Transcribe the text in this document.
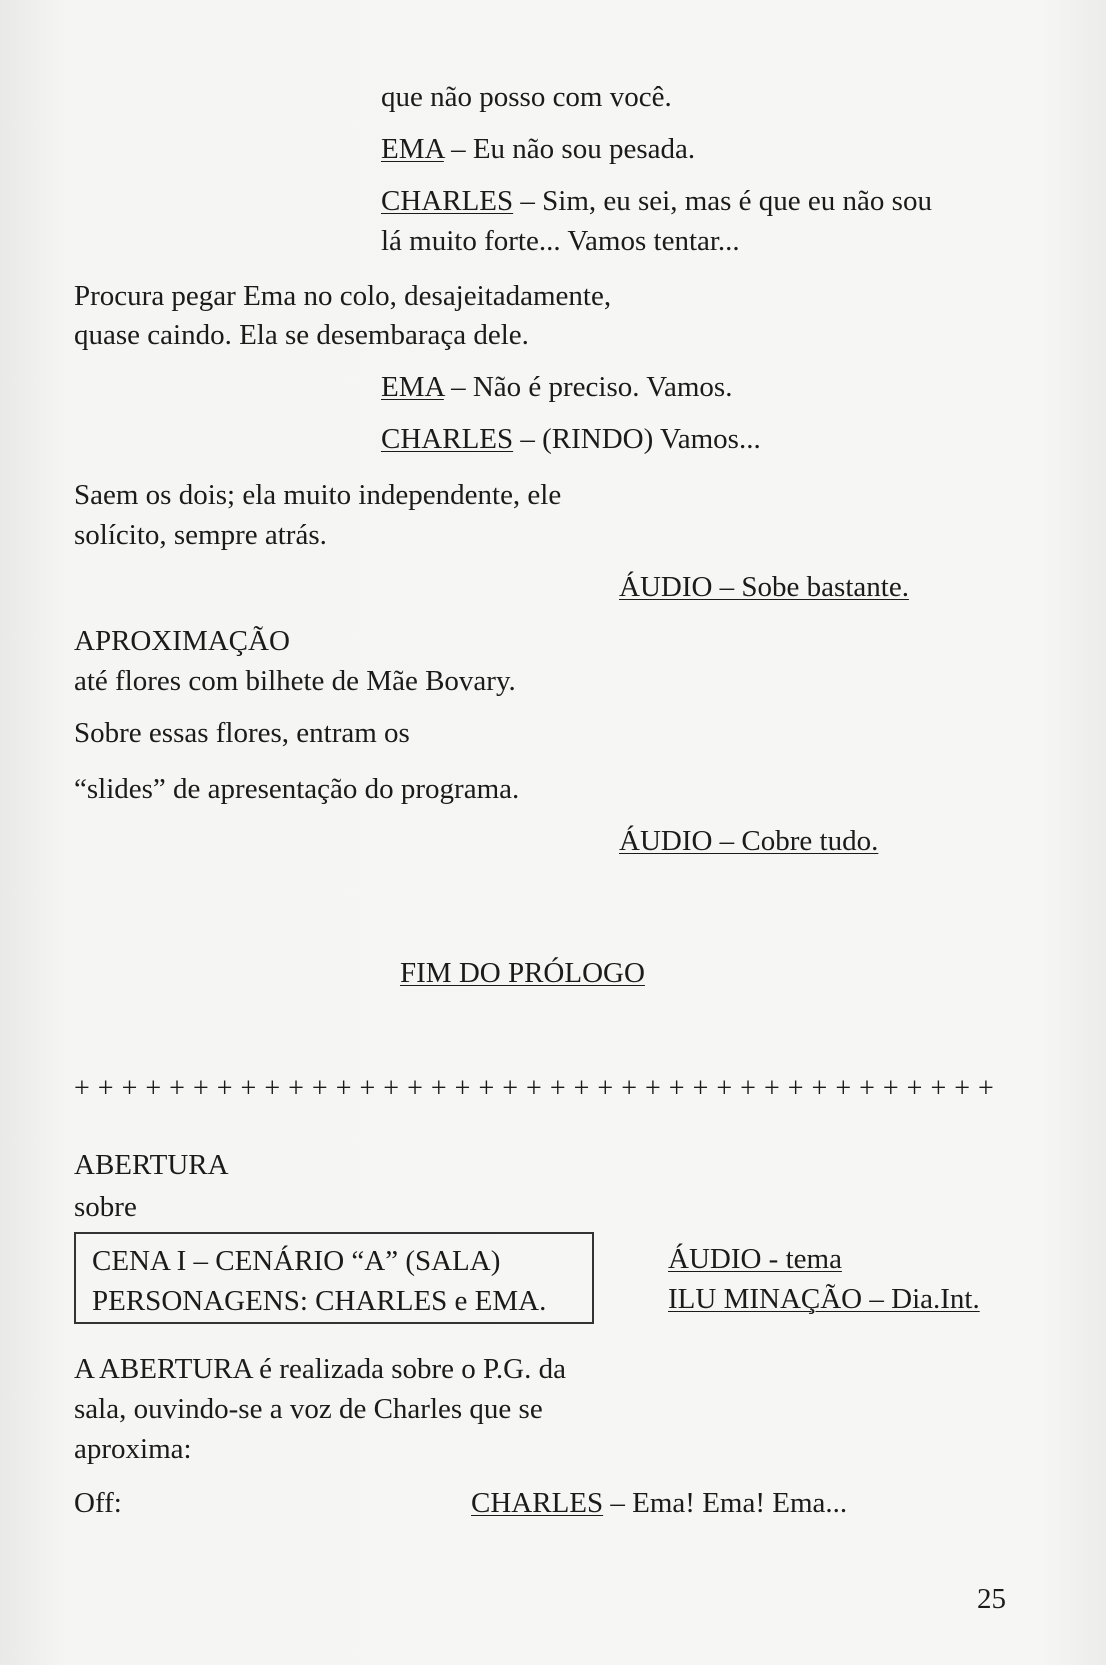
que não posso com você.
EMA – Eu não sou pesada.
CHARLES – Sim, eu sei, mas é que eu não sou
lá muito forte... Vamos tentar...
Procura pegar Ema no colo, desajeitadamente,
quase caindo. Ela se desembaraça dele.
EMA – Não é preciso. Vamos.
CHARLES – (RINDO) Vamos...
Saem os dois; ela muito independente, ele
solícito, sempre atrás.
ÁUDIO – Sobe bastante.
APROXIMAÇÃO
até flores com bilhete de Mãe Bovary.
Sobre essas flores, entram os
“slides” de apresentação do programa.
ÁUDIO – Cobre tudo.
FIM DO PRÓLOGO
+ + + + + + + + + + + + + + + + + + + + + + + + + + + + + + + + + + + + + + +
ABERTURA
sobre
CENA I – CENÁRIO “A” (SALA)
PERSONAGENS: CHARLES e EMA.
ÁUDIO - tema
ILU MINAÇÃO – Dia.Int.
A ABERTURA é realizada sobre o P.G. da
sala, ouvindo-se a voz de Charles que se
aproxima:
Off:	CHARLES – Ema! Ema! Ema...
25
